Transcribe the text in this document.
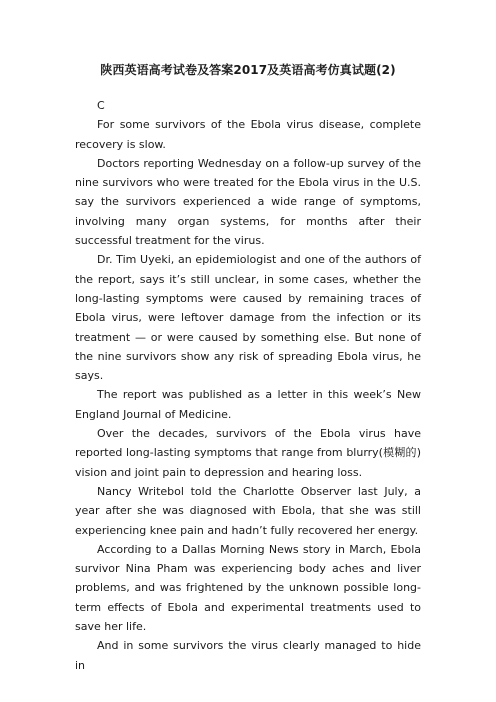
陕西英语高考试卷及答案2017及英语高考仿真试题(2)

C

For some survivors of the Ebola virus disease, complete recovery is slow.

Doctors reporting Wednesday on a follow-up survey of the nine survivors who were treated for the Ebola virus in the U.S. say the survivors experienced a wide range of symptoms, involving many organ systems, for months after their successful treatment for the virus.

Dr. Tim Uyeki, an epidemiologist and one of the authors of the report, says it’s still unclear, in some cases, whether the long-lasting symptoms were caused by remaining traces of Ebola virus, were leftover damage from the infection or its treatment — or were caused by something else. But none of the nine survivors show any risk of spreading Ebola virus, he says.

The report was published as a letter in this week’s New England Journal of Medicine.

Over the decades, survivors of the Ebola virus have reported long-lasting symptoms that range from blurry(模糊的) vision and joint pain to depression and hearing loss.

Nancy Writebol told the Charlotte Observer last July, a year after she was diagnosed with Ebola, that she was still experiencing knee pain and hadn’t fully recovered her energy.

According to a Dallas Morning News story in March, Ebola survivor Nina Pham was experiencing body aches and liver problems, and was frightened by the unknown possible long-term effects of Ebola and experimental treatments used to save her life.

And in some survivors the virus clearly managed to hide in
